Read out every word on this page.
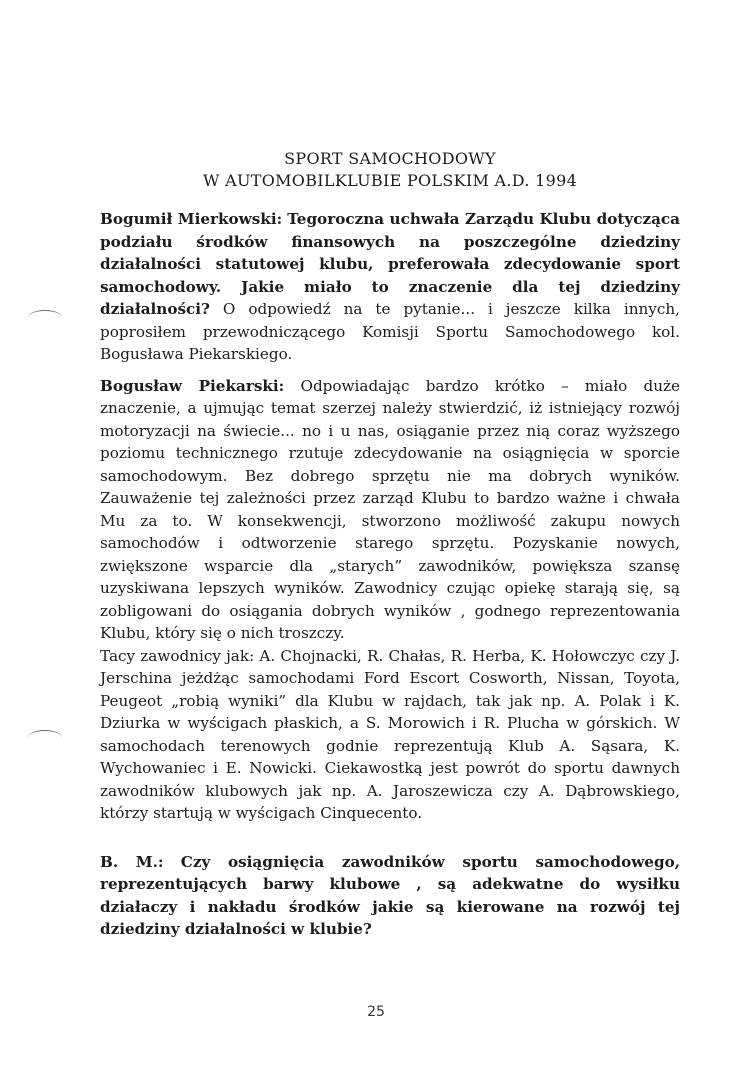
SPORT SAMOCHODOWY
W AUTOMOBILKLUBIE POLSKIM A.D. 1994

Bogumił Mierkowski: Tegoroczna uchwała Zarządu Klubu dotycząca podziału środków finansowych na poszczególne dziedziny działalności statutowej klubu, preferowała zdecydowanie sport samochodowy. Jakie miało to znaczenie dla tej dziedziny działalności? O odpowiedź na te pytanie... i jeszcze kilka innych, poprosiłem przewodniczącego Komisji Sportu Samochodowego kol. Bogusława Piekarskiego.

Bogusław Piekarski: Odpowiadając bardzo krótko – miało duże znaczenie, a ujmując temat szerzej należy stwierdzić, iż istniejący rozwój motoryzacji na świecie... no i u nas, osiąganie przez nią coraz wyższego poziomu technicznego rzutuje zdecydowanie na osiągnięcia w sporcie samochodowym. Bez dobrego sprzętu nie ma dobrych wyników. Zauważenie tej zależności przez zarząd Klubu to bardzo ważne i chwała Mu za to. W konsekwencji, stworzono możliwość zakupu nowych samochodów i odtworzenie starego sprzętu. Pozyskanie nowych, zwiększone wsparcie dla „starych” zawodników, powiększa szansę uzyskiwana lepszych wyników. Zawodnicy czując opiekę starają się, są zobligowani do osiągania dobrych wyników , godnego reprezentowania Klubu, który się o nich troszczy.

Tacy zawodnicy jak: A. Chojnacki, R. Chałas, R. Herba, K. Hołowczyc czy J. Jerschina jeżdżąc samochodami Ford Escort Cosworth, Nissan, Toyota, Peugeot „robią wyniki” dla Klubu w rajdach, tak jak np. A. Polak i K. Dziurka w wyścigach płaskich, a S. Morowich i R. Plucha w górskich. W samochodach terenowych godnie reprezentują Klub A. Sąsara, K. Wychowaniec i E. Nowicki. Ciekawostką jest powrót do sportu dawnych zawodników klubowych jak np. A. Jaroszewicza czy A. Dąbrowskiego, którzy startują w wyścigach Cinquecento.

B. M.: Czy osiągnięcia zawodników sportu samochodowego, reprezentujących barwy klubowe , są adekwatne do wysiłku działaczy i nakładu środków jakie są kierowane na rozwój tej dziedziny działalności w klubie?

25
